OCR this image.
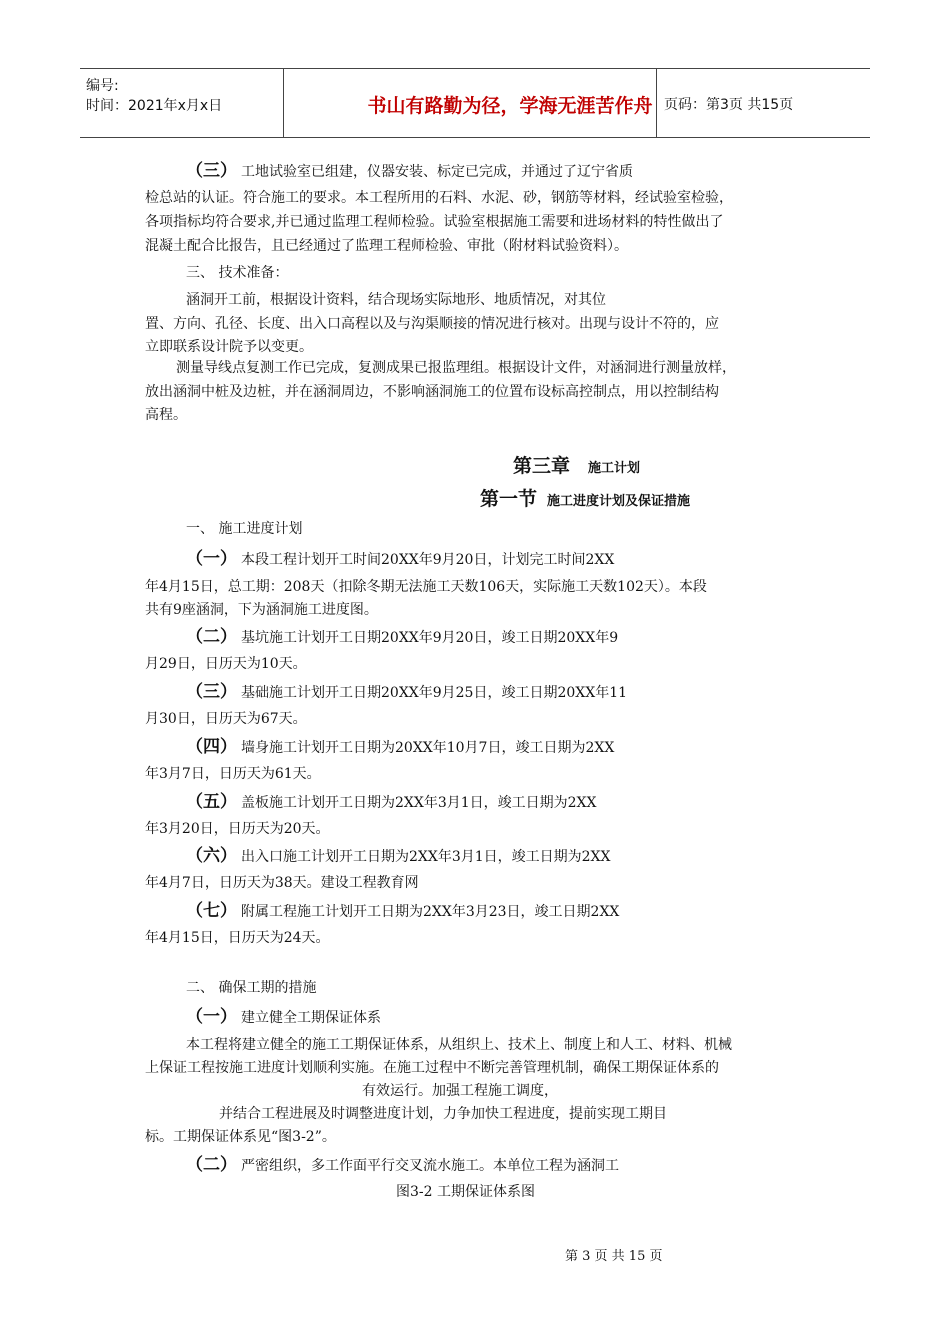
编号:
时间：2021年x月x日	书山有路勤为径，学海无涯苦作舟 页码：第3页 共15页
（三） 工地试验室已组建，仪器安装、标定已完成，并通过了辽宁省质
检总站的认证。符合施工的要求。本工程所用的石料、水泥、砂，钢筋等材料，经试验室检验，
各项指标均符合要求,并已通过监理工程师检验。试验室根据施工需要和进场材料的特性做出了
混凝土配合比报告，且已经通过了监理工程师检验、审批（附材料试验资料）。
三、 技术准备：
涵洞开工前，根据设计资料，结合现场实际地形、地质情况，对其位
置、方向、孔径、长度、出入口高程以及与沟渠顺接的情况进行核对。出现与设计不符的，应
立即联系设计院予以变更。
测量导线点复测工作已完成，复测成果已报监理组。根据设计文件，对涵洞进行测量放样，
放出涵洞中桩及边桩，并在涵洞周边，不影响涵洞施工的位置布设标高控制点，用以控制结构
高程。
第三章 施工计划
第一节 施工进度计划及保证措施
一、 施工进度计划
（一） 本段工程计划开工时间20XX年9月20日，计划完工时间2XX
年4月15日，总工期：208天（扣除冬期无法施工天数106天，实际施工天数102天）。本段
共有9座涵洞，下为涵洞施工进度图。
（二） 基坑施工计划开工日期20XX年9月20日，竣工日期20XX年9
月29日，日历天为10天。
（三） 基础施工计划开工日期20XX年9月25日，竣工日期20XX年11
月30日，日历天为67天。
（四） 墙身施工计划开工日期为20XX年10月7日，竣工日期为2XX
年3月7日，日历天为61天。
（五） 盖板施工计划开工日期为2XX年3月1日，竣工日期为2XX
年3月20日，日历天为20天。
（六） 出入口施工计划开工日期为2XX年3月1日，竣工日期为2XX
年4月7日，日历天为38天。建设工程教育网
（七） 附属工程施工计划开工日期为2XX年3月23日，竣工日期2XX
年4月15日，日历天为24天。
二、 确保工期的措施
（一） 建立健全工期保证体系
本工程将建立健全的施工工期保证体系，从组织上、技术上、制度上和人工、材料、机械
上保证工程按施工进度计划顺利实施。在施工过程中不断完善管理机制，确保工期保证体系的
有效运行。加强工程施工调度，
并结合工程进展及时调整进度计划，力争加快工程进度，提前实现工期目
标。工期保证体系见“图3-2”。
（二） 严密组织，多工作面平行交叉流水施工。本单位工程为涵洞工
图3-2 工期保证体系图
第 3 页 共 15 页
